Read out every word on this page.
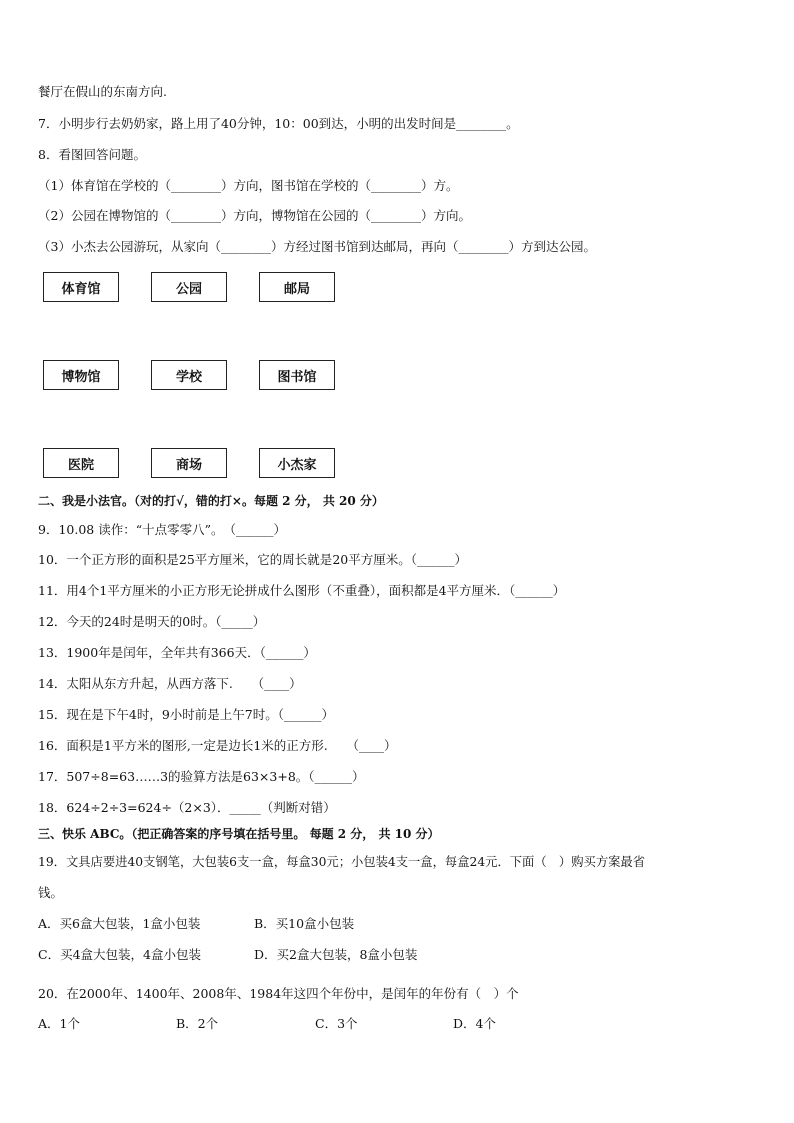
餐厅在假山的东南方向.
7．小明步行去奶奶家，路上用了40分钟，10：00到达，小明的出发时间是________。
8．看图回答问题。
（1）体育馆在学校的（________）方向，图书馆在学校的（________）方。
（2）公园在博物馆的（________）方向，博物馆在公园的（________）方向。
（3）小杰去公园游玩，从家向（________）方经过图书馆到达邮局，再向（________）方到达公园。
体育馆	公园	邮局
博物馆	学校	图书馆
医院	商场	小杰家
二、我是小法官。（对的打√，错的打×。每题 2 分， 共 20 分）
9．10.08 读作：“十点零零八”。　（______）
10．一个正方形的面积是25平方厘米，它的周长就是20平方厘米。（______）
11．用4个1平方厘米的小正方形无论拼成什么图形（不重叠），面积都是4平方厘米．（______）
12．今天的24时是明天的0时。（_____）
13．1900年是闰年，全年共有366天．（______）
14．太阳从东方升起，从西方落下.　　（____）
15．现在是下午4时，9小时前是上午7时。（______）
16．面积是1平方米的图形,一定是边长1米的正方形.　　（____）
17．507÷8=63……3的验算方法是63×3+8。（______）
18．624÷2÷3=624÷（2×3）．_____（判断对错）
三、快乐 ABC。（把正确答案的序号填在括号里。 每题 2 分， 共 10 分）
19．文具店要进40支钢笔，大包装6支一盒，每盒30元；小包装4支一盒，每盒24元．下面（　）购买方案最省
钱。
A．买6盒大包装，1盒小包装	B．买10盒小包装
C．买4盒大包装，4盒小包装	D．买2盒大包装，8盒小包装
20．在2000年、1400年、2008年、1984年这四个年份中，是闰年的年份有（　）个
A．1个	B．2个	C．3个	D．4个
